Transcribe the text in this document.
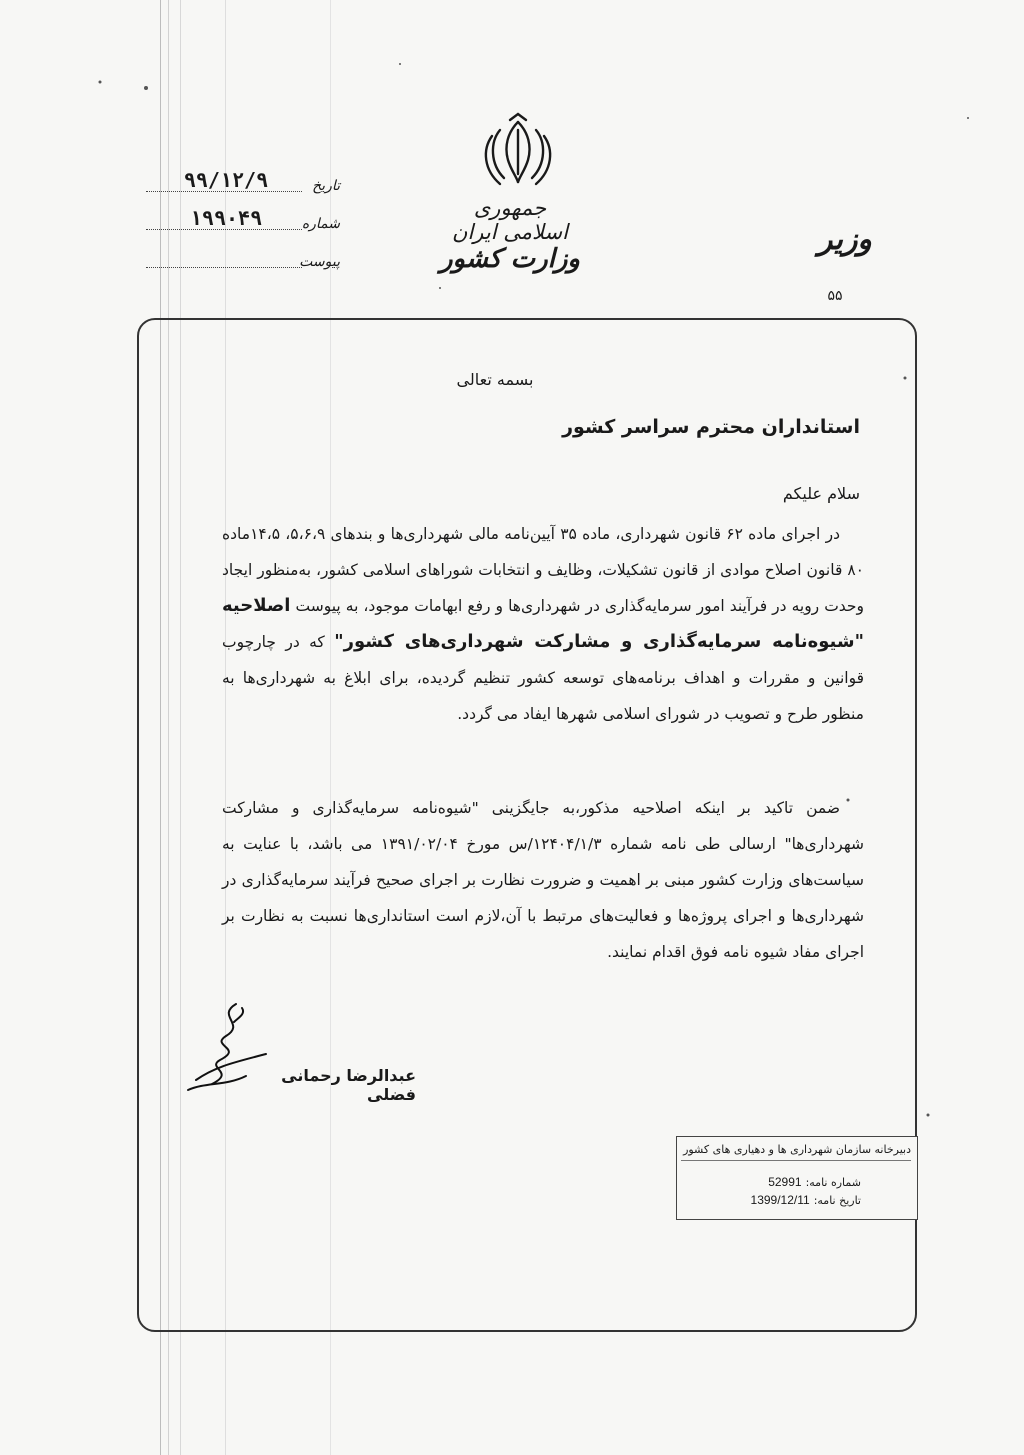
جمهوری اسلامی ایران
وزارت کشور
وزیر
۵۵
۹۹/۱۲/۹	تاریخ
۱۹۹۰۴۹	شماره
پیوست
بسمه تعالی
استانداران محترم سراسر کشور
سلام علیکم
در اجرای ماده ۶۲ قانون شهرداری، ماده ۳۵ آیین‌نامه مالی شهرداری‌ها و بندهای ۵،۶،۹، ۱۴،۵ماده ۸۰ قانون اصلاح موادی از قانون تشکیلات، وظایف و انتخابات شوراهای اسلامی کشور، به‌منظور ایجاد وحدت رویه در فرآیند امور سرمایه‌گذاری در شهرداری‌ها و رفع ابهامات موجود، به پیوست اصلاحیه "شیوه‌نامه سرمایه‌گذاری و مشارکت شهرداری‌های کشور" که در چارچوب قوانین و مقررات و اهداف برنامه‌های توسعه کشور تنظیم گردیده، برای ابلاغ به شهرداری‌ها به منظور طرح و تصویب در شورای اسلامی شهرها ایفاد می گردد.
ضمن تاکید بر اینکه اصلاحیه مذکور،به جایگزینی "شیوه‌نامه سرمایه‌گذاری و مشارکت شهرداری‌ها" ارسالی طی نامه شماره ۱۲۴۰۴/۱/۳/س مورخ ۱۳۹۱/۰۲/۰۴ می باشد، با عنایت به سیاست‌های وزارت کشور مبنی بر اهمیت و ضرورت نظارت بر اجرای صحیح فرآیند سرمایه‌گذاری در شهرداری‌ها و اجرای پروژه‌ها و فعالیت‌های مرتبط با آن،لازم است استانداری‌ها نسبت به نظارت بر اجرای مفاد شیوه نامه فوق اقدام نمایند.
عبدالرضا رحمانی فضلی
دبیرخانه سازمان شهرداری ها و دهیاری های کشور
شماره نامه:52991
تاریخ نامه:1399/12/11
